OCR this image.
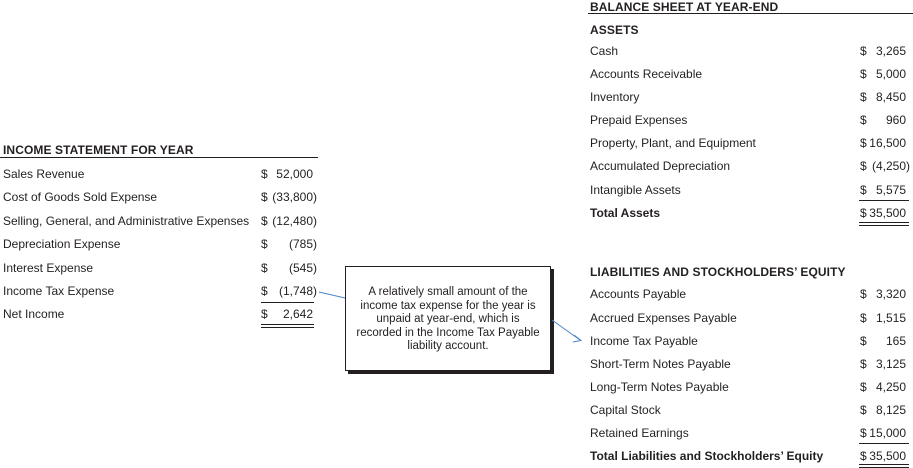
INCOME STATEMENT FOR YEAR
Sales Revenue	$ 52,000
Cost of Goods Sold Expense	$ (33,800)
Selling, General, and Administrative Expenses $ (12,480)
Depreciation Expense	$	(785)
Interest Expense	$	(545)
Income Tax Expense	$ (1,748)
Net Income	$	2,642
A relatively small amount of the income tax expense for the year is unpaid at year-end, which is recorded in the Income Tax Payable liability account.
BALANCE SHEET AT YEAR-END
ASSETS
Cash	$ 3,265
Accounts Receivable	$ 5,000
Inventory	$ 8,450
Prepaid Expenses	$	960
Property, Plant, and Equipment	$ 16,500
Accumulated Depreciation	$ (4,250)
Intangible Assets	$ 5,575
Total Assets	$ 35,500
LIABILITIES AND STOCKHOLDERS’ EQUITY
Accounts Payable	$ 3,320
Accrued Expenses Payable	$ 1,515
Income Tax Payable	$	165
Short-Term Notes Payable	$ 3,125
Long-Term Notes Payable	$ 4,250
Capital Stock	$ 8,125
Retained Earnings	$ 15,000
Total Liabilities and Stockholders’ Equity	$ 35,500
